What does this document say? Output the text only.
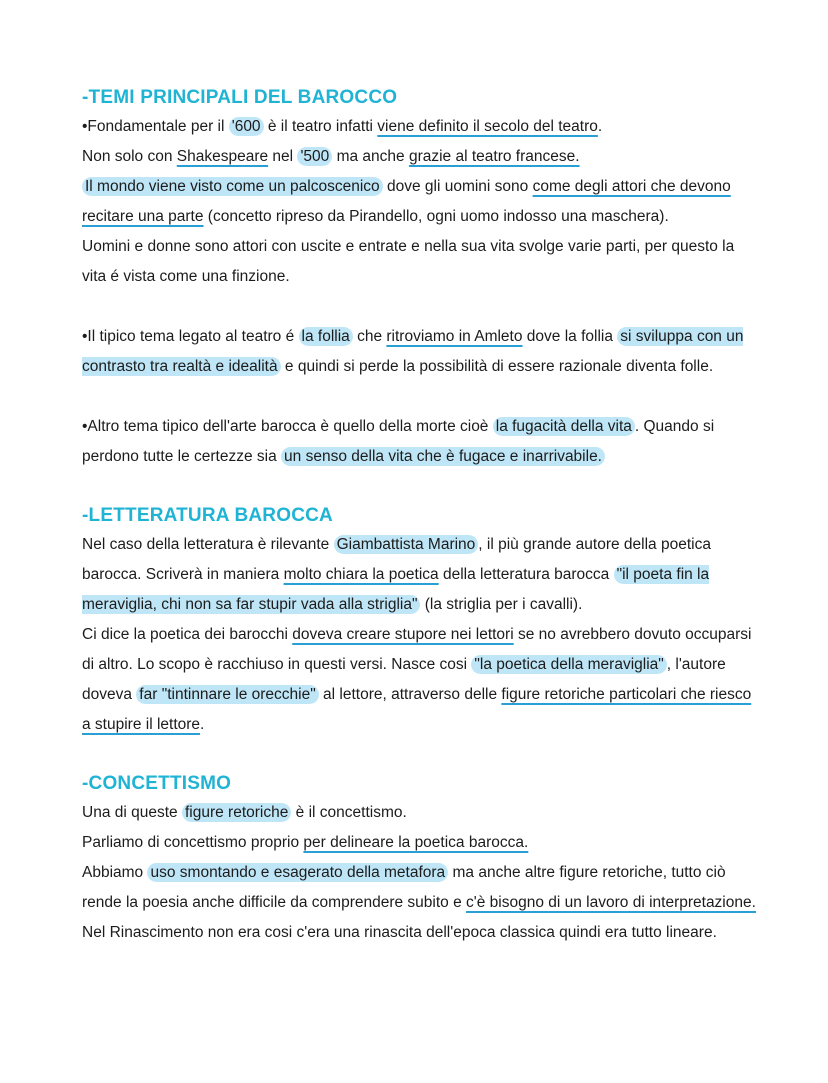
-TEMI PRINCIPALI DEL BAROCCO

•Fondamentale per il '600 è il teatro infatti viene definito il secolo del teatro.

Non solo con Shakespeare nel '500 ma anche grazie al teatro francese.

Il mondo viene visto come un palcoscenico dove gli uomini sono come degli attori che devono recitare una parte (concetto ripreso da Pirandello, ogni uomo indosso una maschera).

Uomini e donne sono attori con uscite e entrate e nella sua vita svolge varie parti, per questo la vita é vista come una finzione.

•Il tipico tema legato al teatro é la follia che ritroviamo in Amleto dove la follia si sviluppa con un contrasto tra realtà e idealità e quindi si perde la possibilità di essere razionale diventa folle.

•Altro tema tipico dell'arte barocca è quello della morte cioè la fugacità della vita . Quando si perdono tutte le certezze sia un senso della vita che è fugace e inarrivabile.

-LETTERATURA BAROCCA

Nel caso della letteratura è rilevante Giambattista Marino , il più grande autore della poetica barocca. Scriverà in maniera molto chiara la poetica della letteratura barocca "il poeta fin la meraviglia, chi non sa far stupir vada alla striglia" (la striglia per i cavalli).

Ci dice la poetica dei barocchi doveva creare stupore nei lettori se no avrebbero dovuto occuparsi di altro. Lo scopo è racchiuso in questi versi. Nasce cosi "la poetica della meraviglia" , l'autore doveva far "tintinnare le orecchie" al lettore, attraverso delle figure retoriche particolari che riesco a stupire il lettore.

-CONCETTISMO

Una di queste figure retoriche è il concettismo.

Parliamo di concettismo proprio per delineare la poetica barocca.

Abbiamo uso smontando e esagerato della metafora ma anche altre figure retoriche, tutto ciò rende la poesia anche difficile da comprendere subito e c'è bisogno di un lavoro di interpretazione.

Nel Rinascimento non era cosi c'era una rinascita dell'epoca classica quindi era tutto lineare.
